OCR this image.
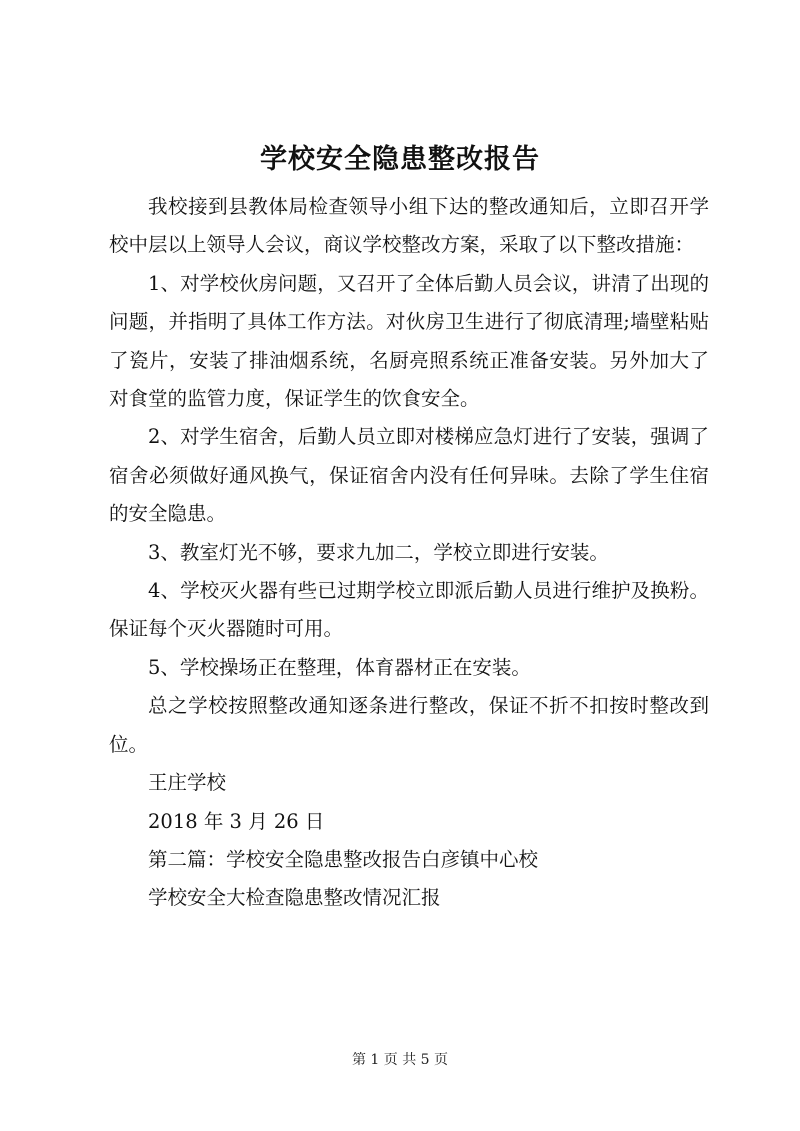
学校安全隐患整改报告

我校接到县教体局检查领导小组下达的整改通知后，立即召开学校中层以上领导人会议，商议学校整改方案，采取了以下整改措施：

1、对学校伙房问题，又召开了全体后勤人员会议，讲清了出现的问题，并指明了具体工作方法。对伙房卫生进行了彻底清理;墙壁粘贴了瓷片，安装了排油烟系统，名厨亮照系统正准备安装。另外加大了对食堂的监管力度，保证学生的饮食安全。

2、对学生宿舍，后勤人员立即对楼梯应急灯进行了安装，强调了宿舍必须做好通风换气，保证宿舍内没有任何异味。去除了学生住宿的安全隐患。

3、教室灯光不够，要求九加二，学校立即进行安装。

4、学校灭火器有些已过期学校立即派后勤人员进行维护及换粉。保证每个灭火器随时可用。

5、学校操场正在整理，体育器材正在安装。

总之学校按照整改通知逐条进行整改，保证不折不扣按时整改到位。

王庄学校

2018 年 3 月 26 日

第二篇：学校安全隐患整改报告白彦镇中心校

学校安全大检查隐患整改情况汇报

第 1 页 共 5 页
